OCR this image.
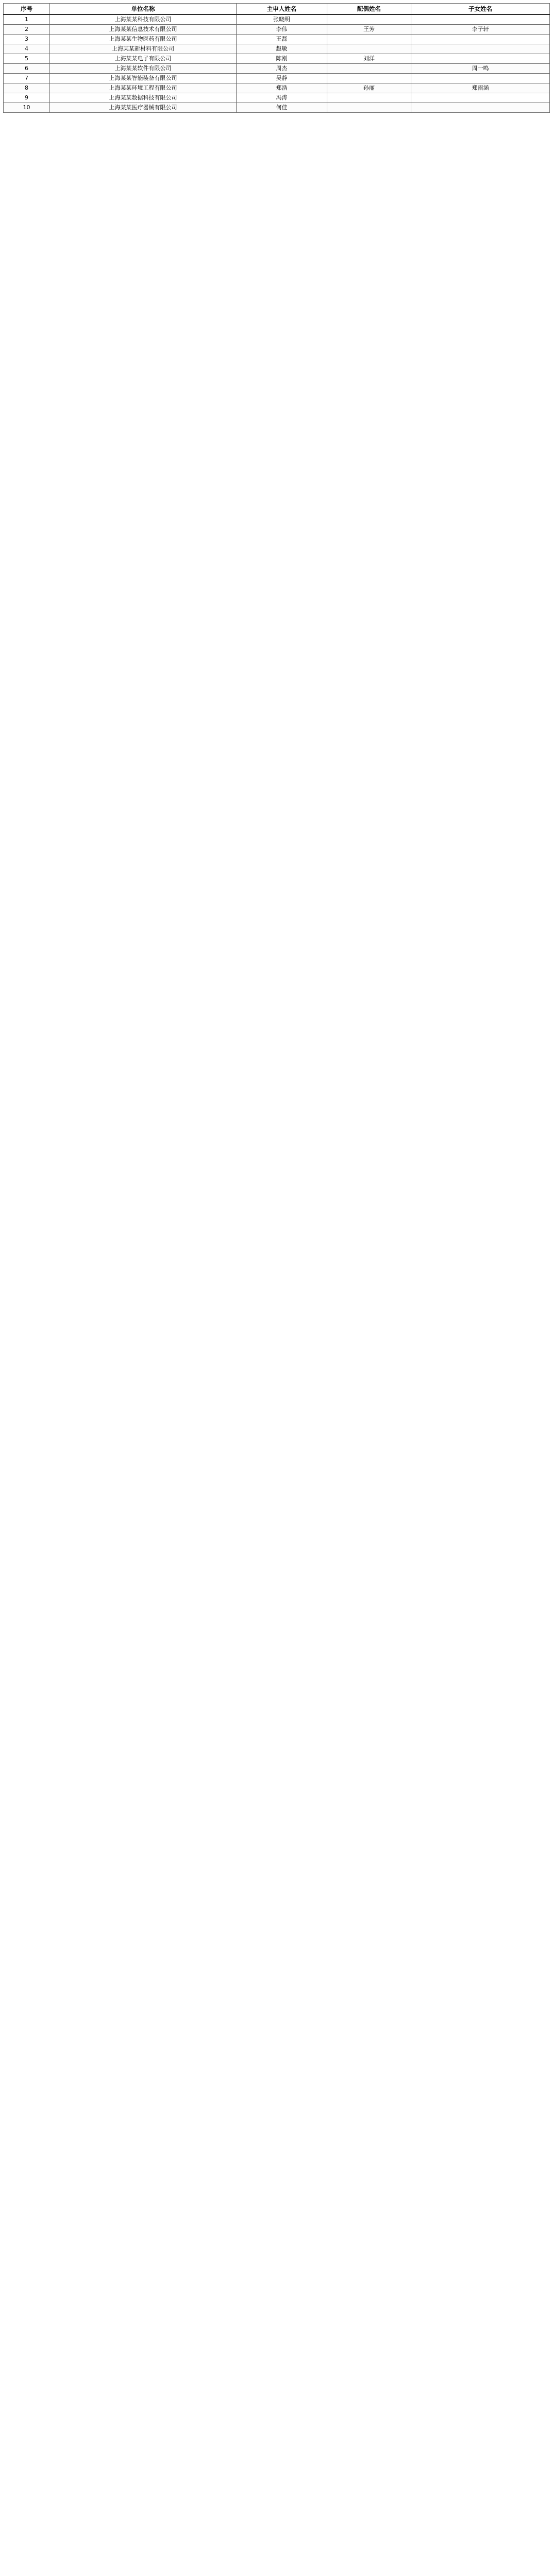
序号	单位名称	主申人姓名	配偶姓名	子女姓名
1	上海某某科技有限公司	张晓明		
2	上海某某信息技术有限公司	李伟	王芳	李子轩
3	上海某某生物医药有限公司	王磊		
4	上海某某新材料有限公司	赵敏		
5	上海某某电子有限公司	陈刚	刘洋	
6	上海某某软件有限公司	周杰		周一鸣
7	上海某某智能装备有限公司	吴静		
8	上海某某环境工程有限公司	郑浩	孙丽	郑雨涵
9	上海某某数据科技有限公司	冯涛		
10	上海某某医疗器械有限公司	何佳		
